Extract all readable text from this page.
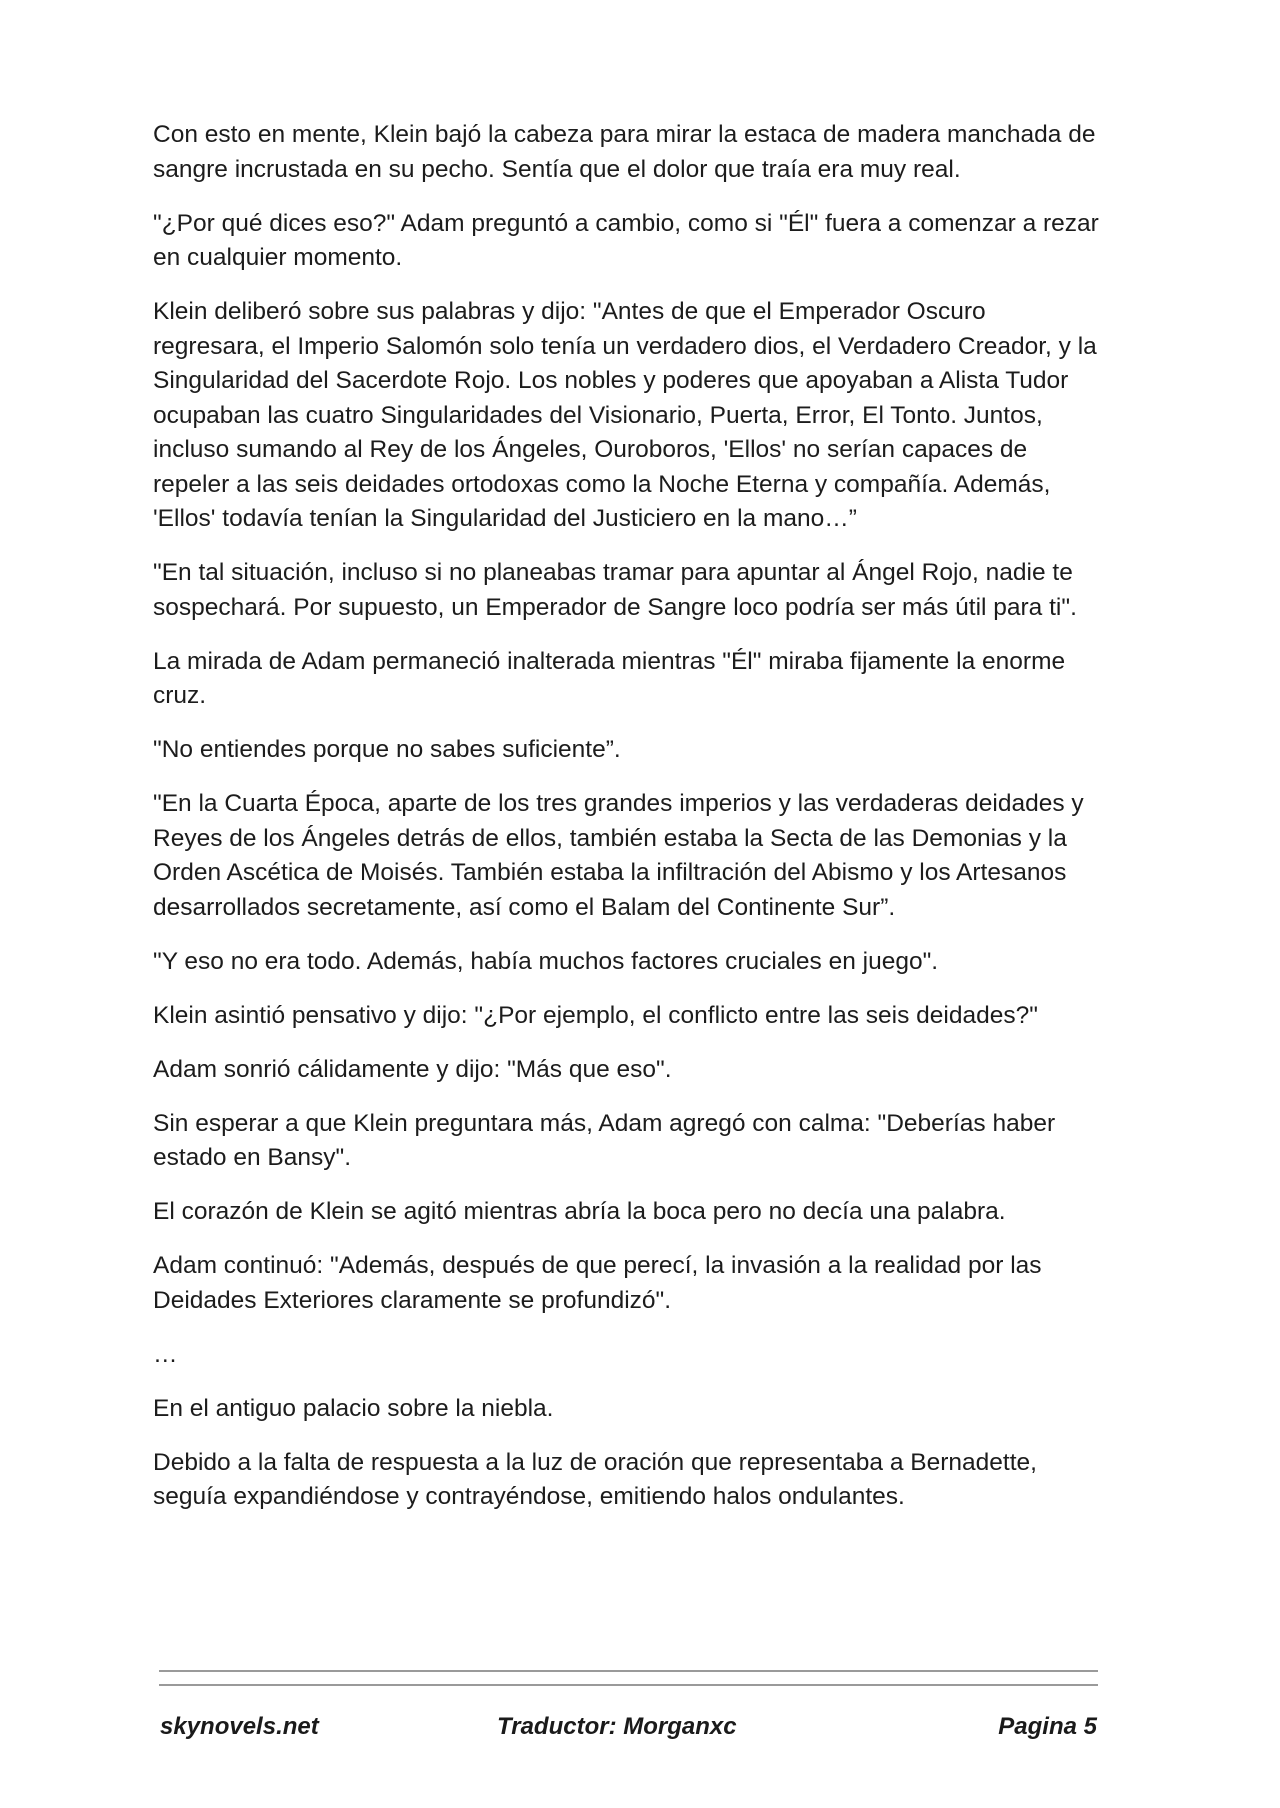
Con esto en mente, Klein bajó la cabeza para mirar la estaca de madera manchada de sangre incrustada en su pecho. Sentía que el dolor que traía era muy real.

"¿Por qué dices eso?" Adam preguntó a cambio, como si "Él" fuera a comenzar a rezar en cualquier momento.

Klein deliberó sobre sus palabras y dijo: "Antes de que el Emperador Oscuro regresara, el Imperio Salomón solo tenía un verdadero dios, el Verdadero Creador, y la Singularidad del Sacerdote Rojo. Los nobles y poderes que apoyaban a Alista Tudor ocupaban las cuatro Singularidades del Visionario, Puerta, Error, El Tonto. Juntos, incluso sumando al Rey de los Ángeles, Ouroboros, 'Ellos' no serían capaces de repeler a las seis deidades ortodoxas como la Noche Eterna y compañía. Además, 'Ellos' todavía tenían la Singularidad del Justiciero en la mano…”

"En tal situación, incluso si no planeabas tramar para apuntar al Ángel Rojo, nadie te sospechará. Por supuesto, un Emperador de Sangre loco podría ser más útil para ti".

La mirada de Adam permaneció inalterada mientras "Él" miraba fijamente la enorme cruz.

"No entiendes porque no sabes suficiente”.

"En la Cuarta Época, aparte de los tres grandes imperios y las verdaderas deidades y Reyes de los Ángeles detrás de ellos, también estaba la Secta de las Demonias y la Orden Ascética de Moisés. También estaba la infiltración del Abismo y los Artesanos desarrollados secretamente, así como el Balam del Continente Sur”.

"Y eso no era todo. Además, había muchos factores cruciales en juego".

Klein asintió pensativo y dijo: "¿Por ejemplo, el conflicto entre las seis deidades?"

Adam sonrió cálidamente y dijo: "Más que eso".

Sin esperar a que Klein preguntara más, Adam agregó con calma: "Deberías haber estado en Bansy".

El corazón de Klein se agitó mientras abría la boca pero no decía una palabra.

Adam continuó: "Además, después de que perecí, la invasión a la realidad por las Deidades Exteriores claramente se profundizó".

…

En el antiguo palacio sobre la niebla.

Debido a la falta de respuesta a la luz de oración que representaba a Bernadette, seguía expandiéndose y contrayéndose, emitiendo halos ondulantes.

skynovels.net	Traductor: Morganxc	Pagina 5
